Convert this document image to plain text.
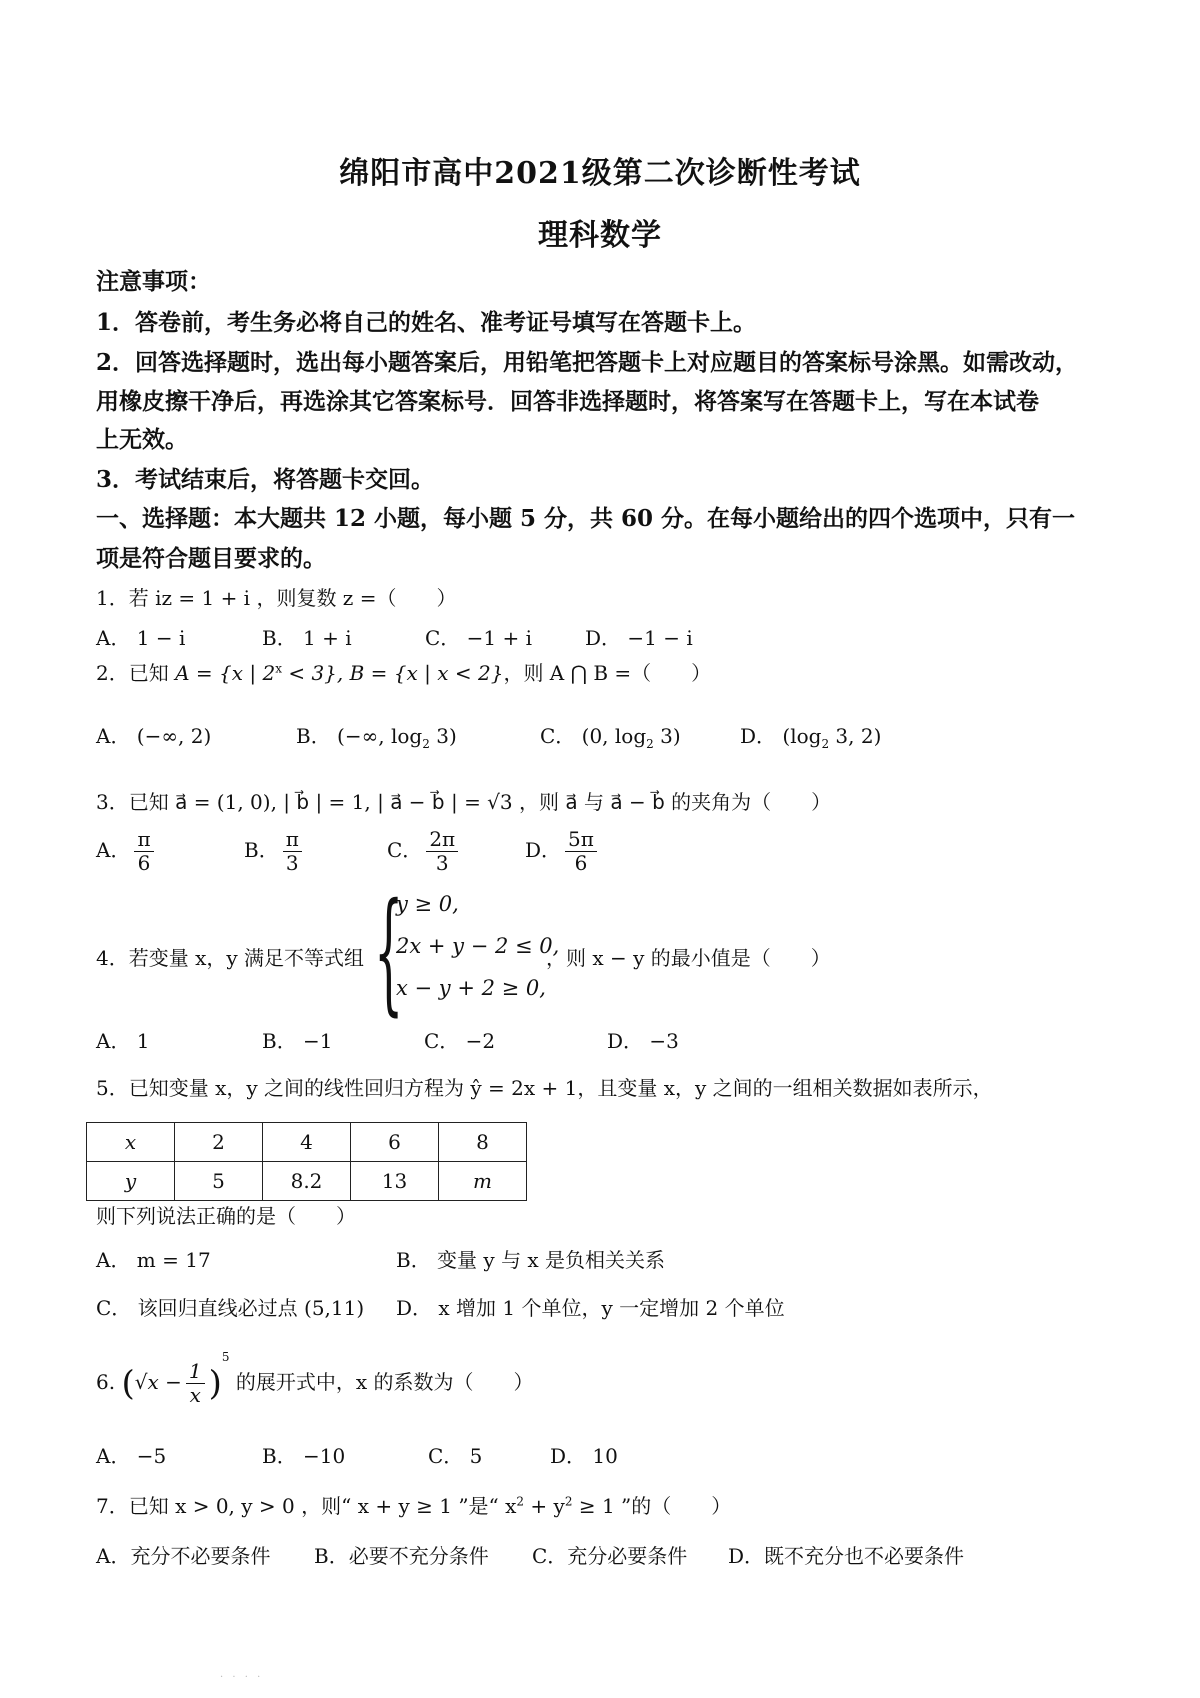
绵阳市高中2021级第二次诊断性考试
理科数学
注意事项：
1．答卷前，考生务必将自己的姓名、准考证号填写在答题卡上。
2．回答选择题时，选出每小题答案后，用铅笔把答题卡上对应题目的答案标号涂黑。如需改动，
用橡皮擦干净后，再选涂其它答案标号．回答非选择题时，将答案写在答题卡上，写在本试卷
上无效。
3．考试结束后，将答题卡交回。
一、选择题：本大题共 12 小题，每小题 5 分，共 60 分。在每小题给出的四个选项中，只有一
项是符合题目要求的。
1．若 iz = 1 + i ，则复数 z =（　　）
A． 1 − i	B． 1 + i	C． −1 + i	D． −1 − i
2．已知 A = {x | $2^x < 3$}, B = {x | x < 2}，则 A ⋂ B =（　　）
A． (−∞, 2)	B． (−∞, $\log_2 3$)	C． (0, $\log_2 3$)	D． ($\log_2$ 3, 2)
3．已知 a⃗ = (1, 0), | b⃗ | = 1, | a⃗ − b⃗ | = √3 ，则 a⃗ 与 a⃗ − b⃗ 的夹角为（　　）
A． $\frac{\pi}{6}$	B． $\frac{\pi}{3}$	C． $\frac{2\pi}{3}$	D． $\frac{5\pi}{6}$
4．若变量 x，y 满足不等式组 {
y ≥ 0,
2x + y − 2 ≤ 0,
x − y + 2 ≥ 0,
，则 x − y 的最小值是（　　）
A． 1	B． −1	C． −2	D． −3
5．已知变量 x，y 之间的线性回归方程为 ŷ = 2x + 1，且变量 x，y 之间的一组相关数据如表所示，
x	2	4	6	8
y	5	8.2	13	m
则下列说法正确的是（　　）
A． m = 17	B． 变量 y 与 x 是负相关关系
C． 该回归直线必过点 (5,11) D． x 增加 1 个单位，y 一定增加 2 个单位
6. $(√x - \frac{1}{x} )^5$ 的展开式中，x 的系数为（　　）
A． −5	B． −10	C． 5	D． 10
7．已知 x > 0, y > 0 ，则“ x + y ≥ 1 ”是“ $x^2 + y^2 \ge 1$ ”的（　　）
A．充分不必要条件 B．必要不充分条件 C．充分必要条件 D．既不充分也不必要条件
· · · ·
